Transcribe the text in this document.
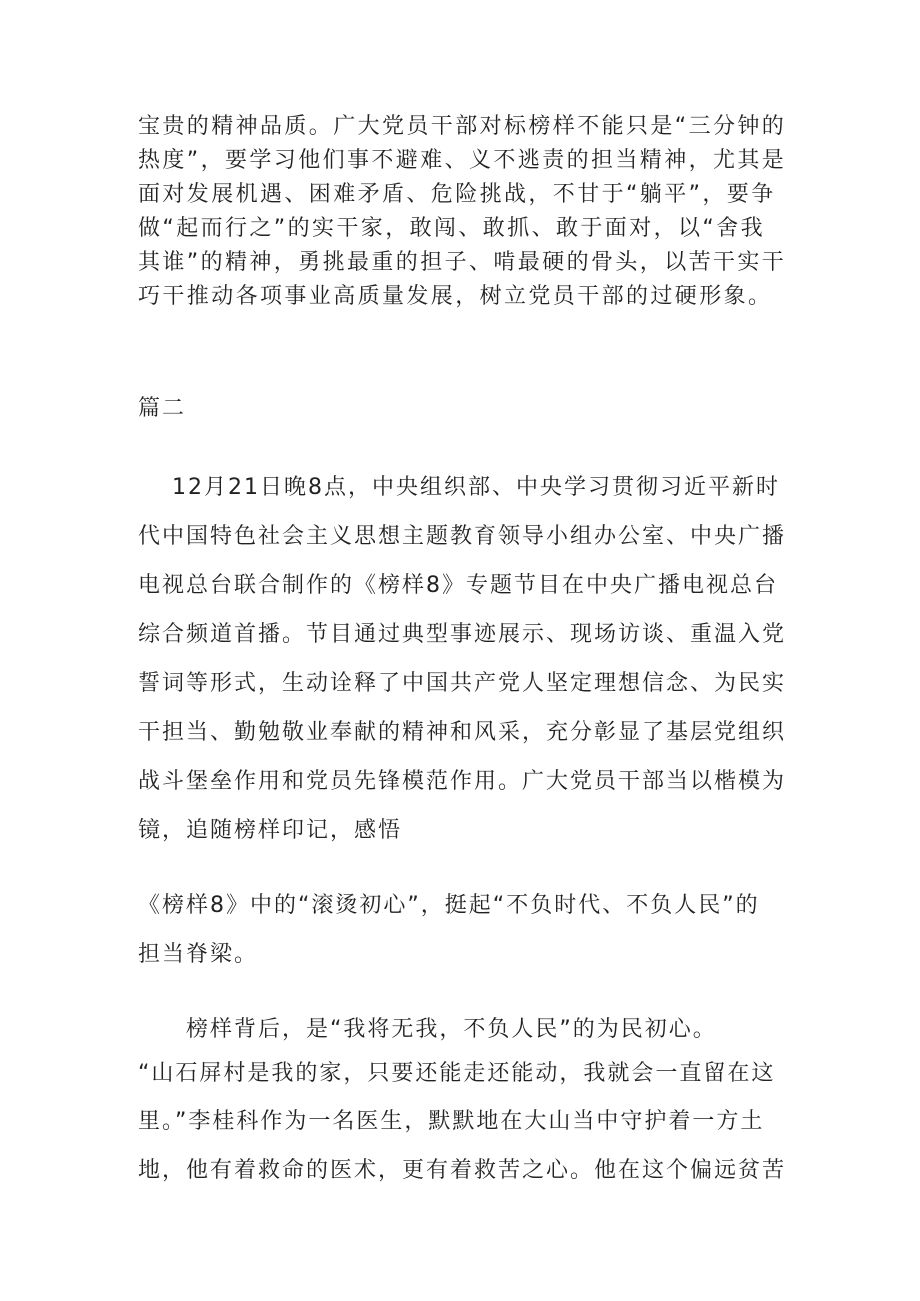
宝贵的精神品质。广大党员干部对标榜样不能只是“三分钟的
热度”，要学习他们事不避难、义不逃责的担当精神，尤其是
面对发展机遇、困难矛盾、危险挑战，不甘于“躺平”，要争
做“起而行之”的实干家，敢闯、敢抓、敢于面对，以“舍我
其谁”的精神，勇挑最重的担子、啃最硬的骨头，以苦干实干
巧干推动各项事业高质量发展，树立党员干部的过硬形象。
篇二
12月21日晚8点，中央组织部、中央学习贯彻习近平新时
代中国特色社会主义思想主题教育领导小组办公室、中央广播
电视总台联合制作的《榜样8》专题节目在中央广播电视总台
综合频道首播。节目通过典型事迹展示、现场访谈、重温入党
誓词等形式，生动诠释了中国共产党人坚定理想信念、为民实
干担当、勤勉敬业奉献的精神和风采，充分彰显了基层党组织
战斗堡垒作用和党员先锋模范作用。广大党员干部当以楷模为
镜，追随榜样印记，感悟
《榜样8》中的“滚烫初心”，挺起“不负时代、不负人民”的
担当脊梁。
榜样背后，是“我将无我，不负人民”的为民初心。
“山石屏村是我的家，只要还能走还能动，我就会一直留在这
里。”李桂科作为一名医生，默默地在大山当中守护着一方土
地，他有着救命的医术，更有着救苦之心。他在这个偏远贫苦
